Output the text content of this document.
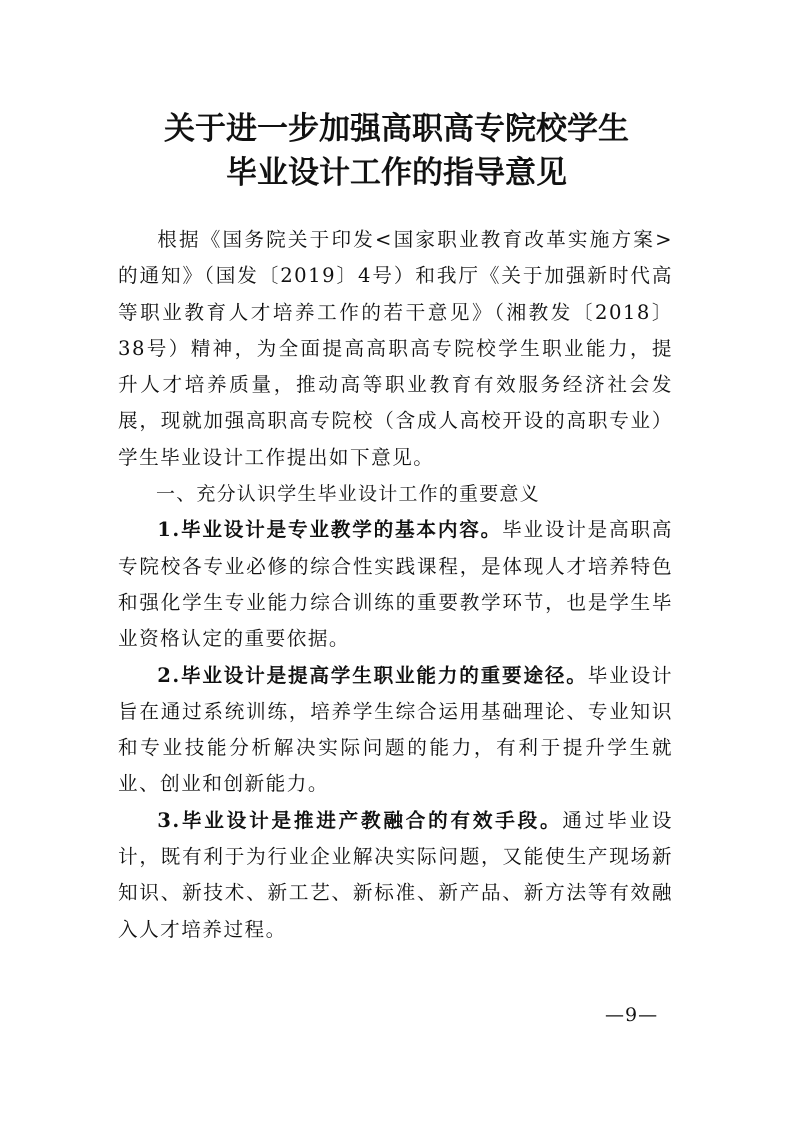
关于进一步加强高职高专院校学生
毕业设计工作的指导意见

根据《国务院关于印发<国家职业教育改革实施方案>的通知》（国发〔2019〕4号）和我厅《关于加强新时代高等职业教育人才培养工作的若干意见》（湘教发〔2018〕38号）精神，为全面提高高职高专院校学生职业能力，提升人才培养质量，推动高等职业教育有效服务经济社会发展，现就加强高职高专院校（含成人高校开设的高职专业）学生毕业设计工作提出如下意见。

一、充分认识学生毕业设计工作的重要意义

1.毕业设计是专业教学的基本内容。毕业设计是高职高专院校各专业必修的综合性实践课程，是体现人才培养特色和强化学生专业能力综合训练的重要教学环节，也是学生毕业资格认定的重要依据。

2.毕业设计是提高学生职业能力的重要途径。毕业设计旨在通过系统训练，培养学生综合运用基础理论、专业知识和专业技能分析解决实际问题的能力，有利于提升学生就业、创业和创新能力。

3.毕业设计是推进产教融合的有效手段。通过毕业设计，既有利于为行业企业解决实际问题，又能使生产现场新知识、新技术、新工艺、新标准、新产品、新方法等有效融入人才培养过程。

—9—
